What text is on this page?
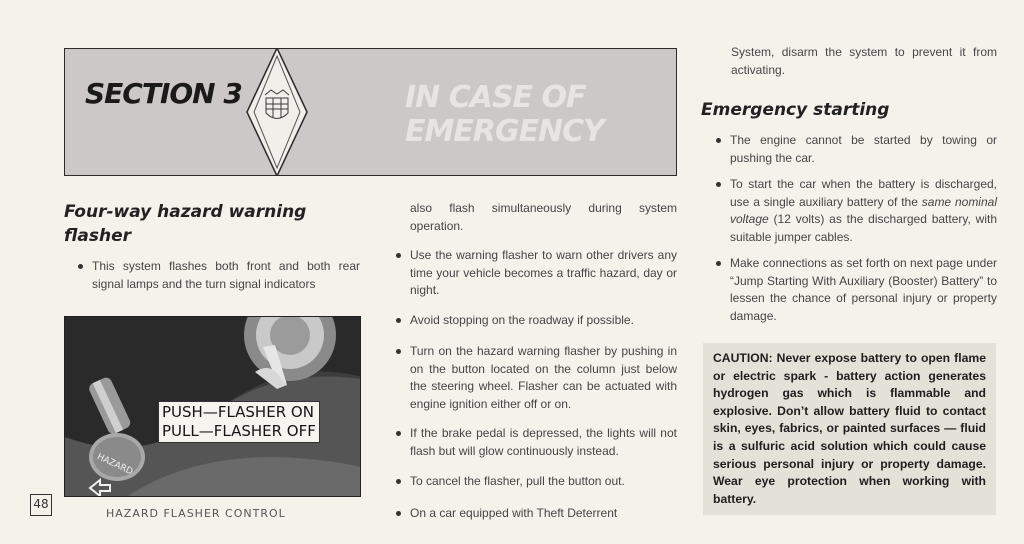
SECTION 3	IN CASE OF
EMERGENCY
Four-way hazard warning flasher
This system flashes both front and both rear signal lamps and the turn signal indicators
HAZARD
PUSH—FLASHER ON
PULL—FLASHER OFF
48
HAZARD FLASHER CONTROL
also flash simultaneously during system operation.
Use the warning flasher to warn other drivers any time your vehicle becomes a traffic hazard, day or night.
Avoid stopping on the roadway if possible.
Turn on the hazard warning flasher by pushing in on the button located on the column just below the steering wheel. Flasher can be actuated with engine ignition either off or on.
If the brake pedal is depressed, the lights will not flash but will glow continuously instead.
To cancel the flasher, pull the button out.
On a car equipped with Theft Deterrent
System, disarm the system to prevent it from activating.
Emergency starting
The engine cannot be started by towing or pushing the car.
To start the car when the battery is discharged, use a single auxiliary battery of the same nominal voltage (12 volts) as the discharged battery, with suitable jumper cables.
Make connections as set forth on next page under “Jump Starting With Auxiliary (Booster) Battery” to lessen the chance of personal injury or property damage.
CAUTION: Never expose battery to open flame or electric spark - battery action generates hydrogen gas which is flammable and explosive. Don’t allow battery fluid to contact skin, eyes, fabrics, or painted surfaces — fluid is a sulfuric acid solution which could cause serious personal injury or property damage. Wear eye protection when working with battery.
